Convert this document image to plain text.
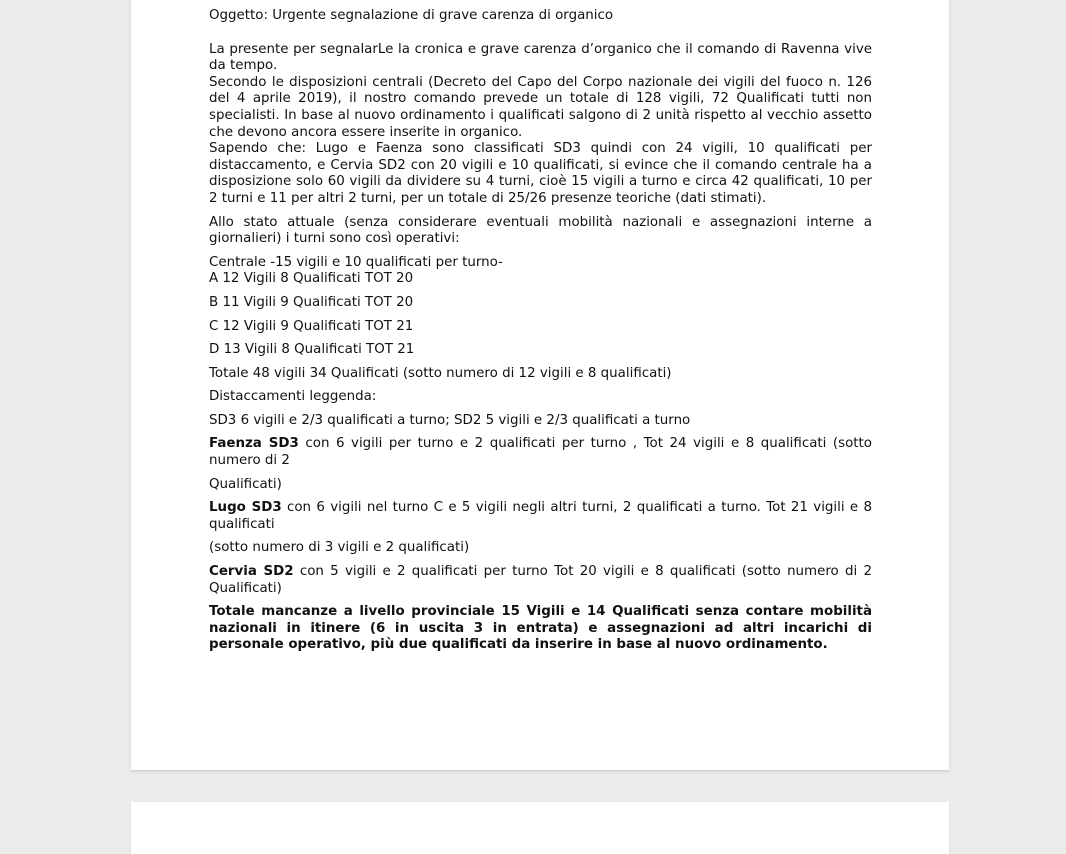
Oggetto: Urgente segnalazione di grave carenza di organico

La presente per segnalarLe la cronica e grave carenza d’organico che il comando di Ravenna vive da tempo.

Secondo le disposizioni centrali (Decreto del Capo del Corpo nazionale dei vigili del fuoco n. 126 del 4 aprile 2019), il nostro comando prevede un totale di 128 vigili, 72 Qualificati tutti non specialisti. In base al nuovo ordinamento i qualificati salgono di 2 unità rispetto al vecchio assetto che devono ancora essere inserite in organico.

Sapendo che: Lugo e Faenza sono classificati SD3 quindi con 24 vigili, 10 qualificati per distaccamento, e Cervia SD2 con 20 vigili e 10 qualificati, si evince che il comando centrale ha a disposizione solo 60 vigili da dividere su 4 turni, cioè 15 vigili a turno e circa 42 qualificati, 10 per 2 turni e 11 per altri 2 turni, per un totale di 25/26 presenze teoriche (dati stimati).

Allo stato attuale (senza considerare eventuali mobilità nazionali e assegnazioni interne a giornalieri) i turni sono così operativi:

Centrale -15 vigili e 10 qualificati per turno-

A 12 Vigili 8 Qualificati TOT 20

B 11 Vigili 9 Qualificati TOT 20

C 12 Vigili 9 Qualificati TOT 21

D 13 Vigili 8 Qualificati TOT 21

Totale 48 vigili 34 Qualificati (sotto numero di 12 vigili e 8 qualificati)

Distaccamenti leggenda:

SD3 6 vigili e 2/3 qualificati a turno; SD2 5 vigili e 2/3 qualificati a turno

Faenza SD3 con 6 vigili per turno e 2 qualificati per turno , Tot 24 vigili e 8 qualificati (sotto numero di 2

Qualificati)

Lugo SD3 con 6 vigili nel turno C e 5 vigili negli altri turni, 2 qualificati a turno. Tot 21 vigili e 8 qualificati

(sotto numero di 3 vigili e 2 qualificati)

Cervia SD2 con 5 vigili e 2 qualificati per turno Tot 20 vigili e 8 qualificati (sotto numero di 2 Qualificati)

Totale mancanze a livello provinciale 15 Vigili e 14 Qualificati senza contare mobilità nazionali in itinere (6 in uscita 3 in entrata) e assegnazioni ad altri incarichi di personale operativo, più due qualificati da inserire in base al nuovo ordinamento.
